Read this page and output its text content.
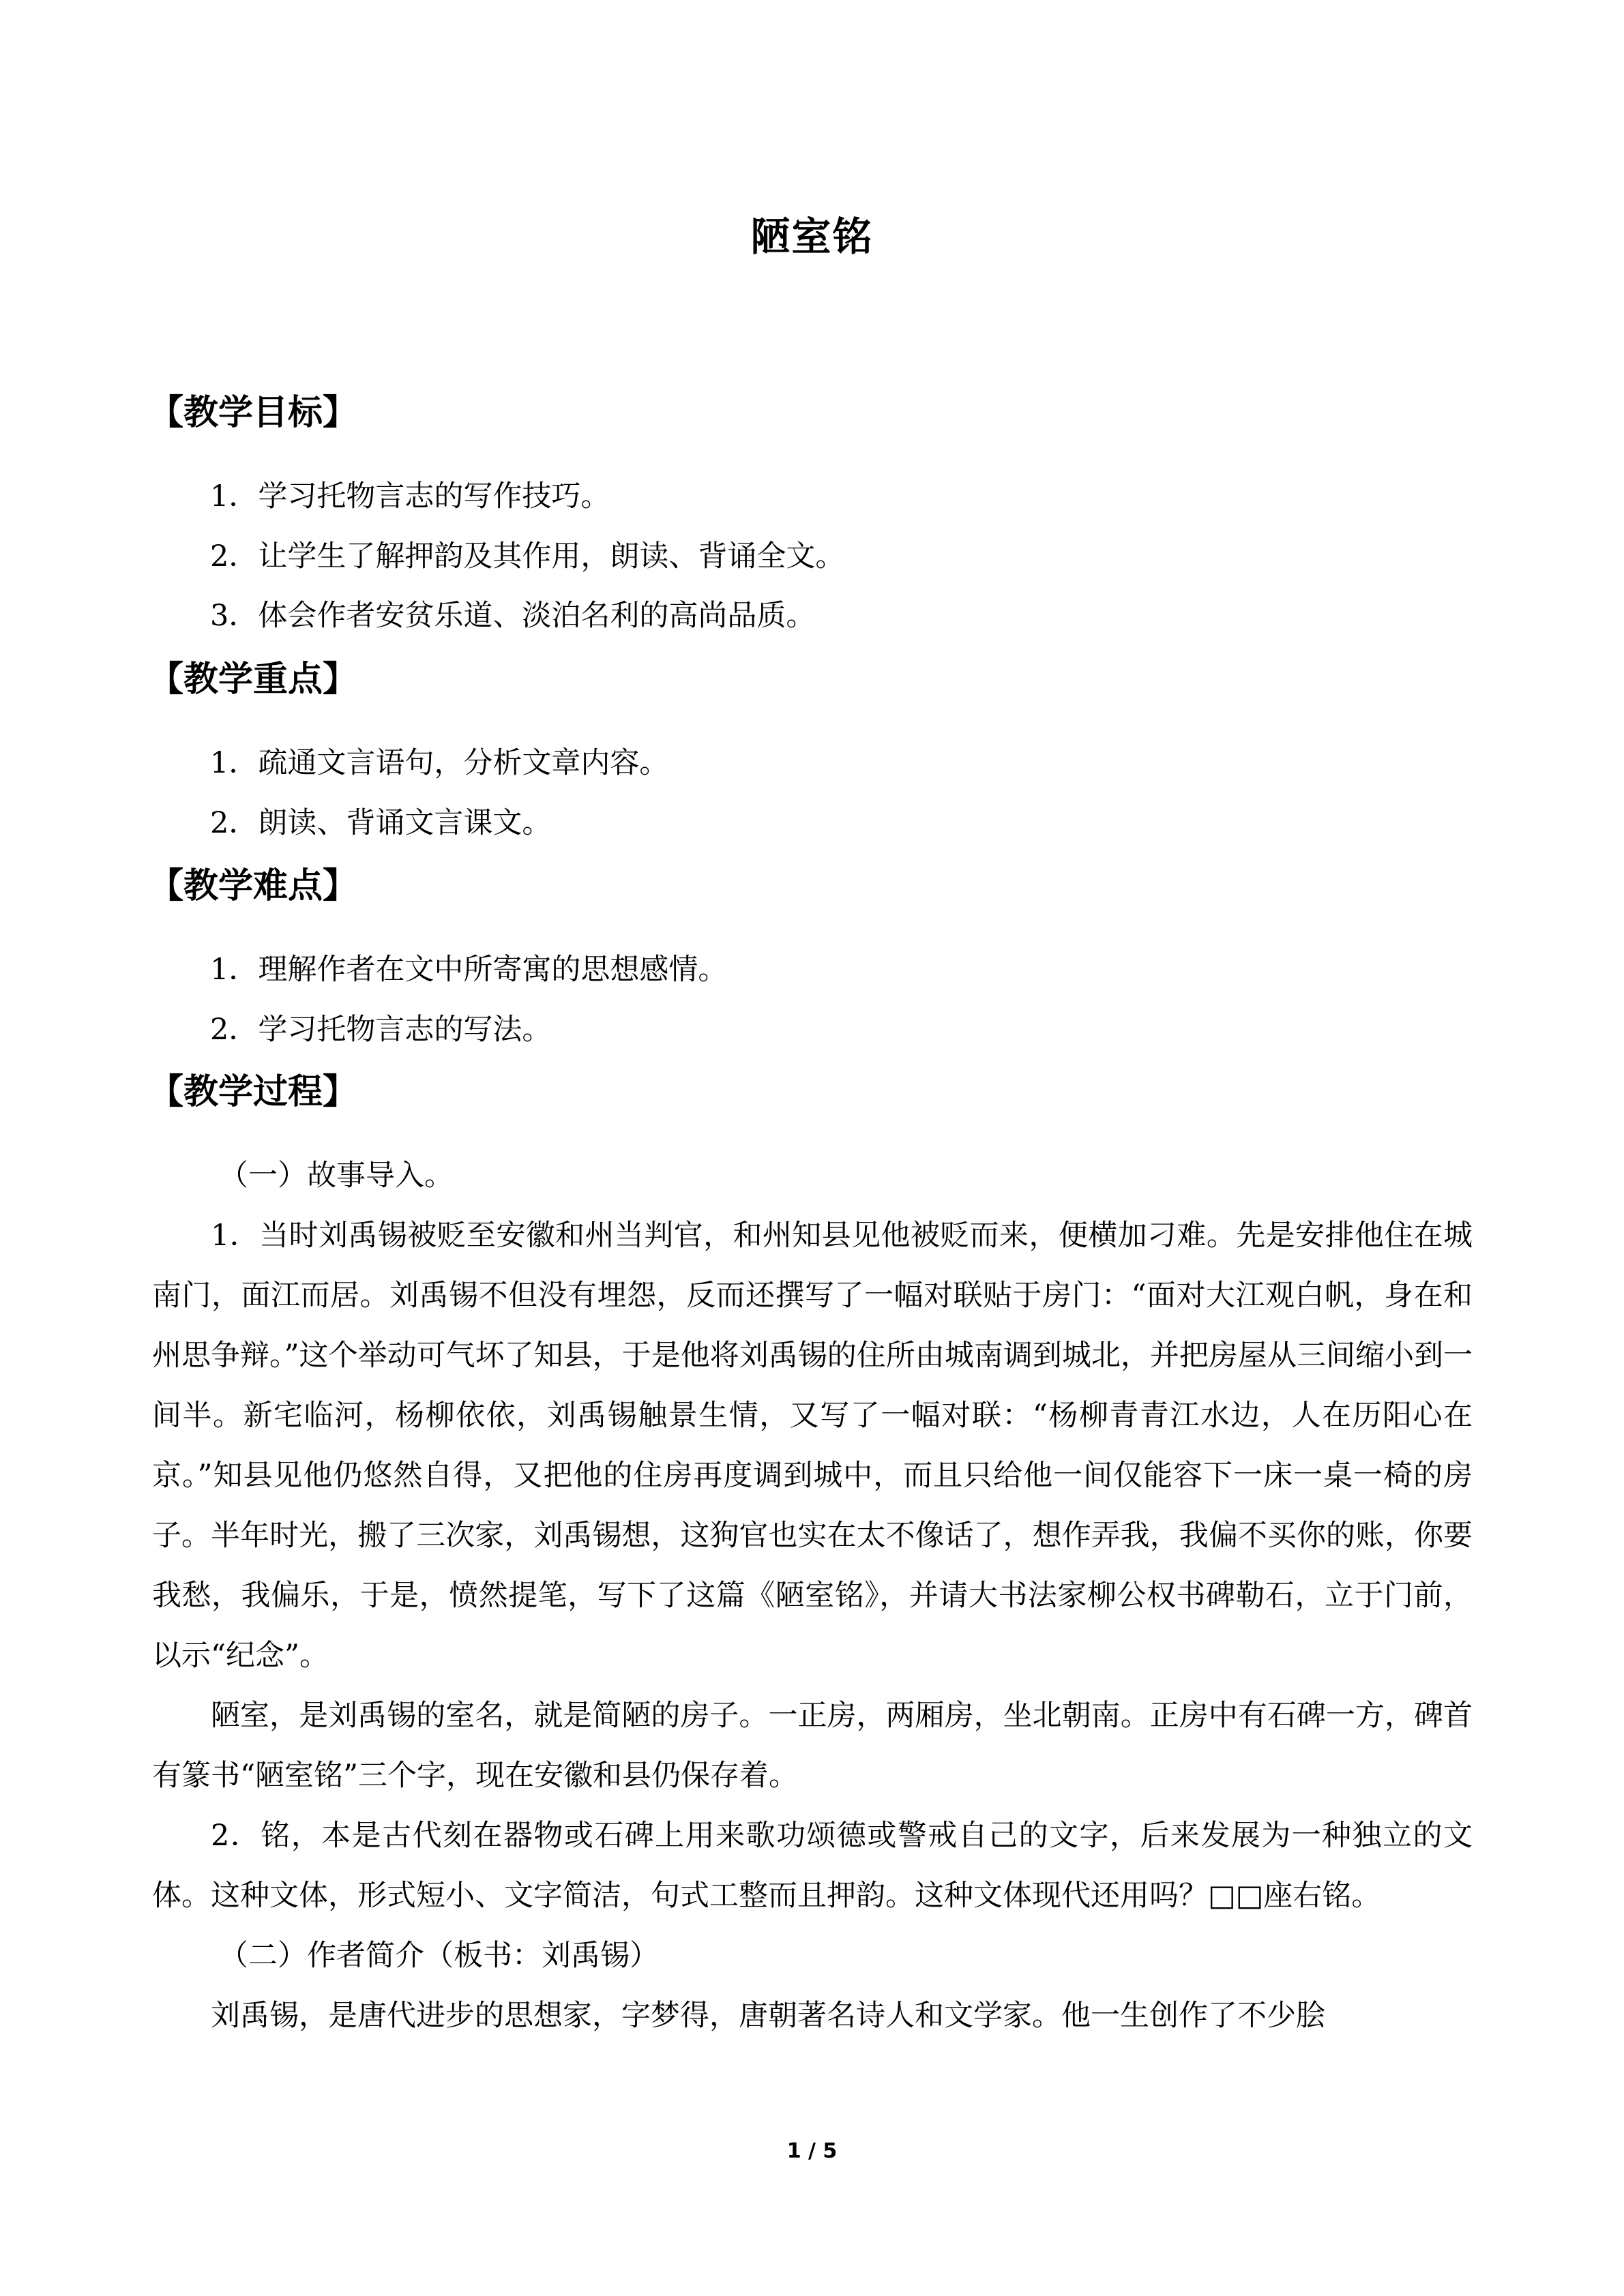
陋室铭
【教学目标】
1．学习托物言志的写作技巧。
2．让学生了解押韵及其作用，朗读、背诵全文。
3．体会作者安贫乐道、淡泊名利的高尚品质。
【教学重点】
1．疏通文言语句，分析文章内容。
2．朗读、背诵文言课文。
【教学难点】
1．理解作者在文中所寄寓的思想感情。
2．学习托物言志的写法。
【教学过程】

（一）故事导入。

1．当时刘禹锡被贬至安徽和州当判官，和州知县见他被贬而来，便横加刁难。先是安排他住在城南门，面江而居。刘禹锡不但没有埋怨，反而还撰写了一幅对联贴于房门：“面对大江观白帆，身在和州思争辩。”这个举动可气坏了知县，于是他将刘禹锡的住所由城南调到城北，并把房屋从三间缩小到一间半。新宅临河，杨柳依依，刘禹锡触景生情，又写了一幅对联：“杨柳青青江水边，人在历阳心在京。”知县见他仍悠然自得，又把他的住房再度调到城中，而且只给他一间仅能容下一床一桌一椅的房子。半年时光，搬了三次家，刘禹锡想，这狗官也实在太不像话了，想作弄我，我偏不买你的账，你要我愁，我偏乐，于是，愤然提笔，写下了这篇《陋室铭》，并请大书法家柳公权书碑勒石，立于门前，以示“纪念”。

陋室，是刘禹锡的室名，就是简陋的房子。一正房，两厢房，坐北朝南。正房中有石碑一方，碑首有篆书“陋室铭”三个字，现在安徽和县仍保存着。

2．铭，本是古代刻在器物或石碑上用来歌功颂德或警戒自己的文字，后来发展为一种独立的文体。这种文体，形式短小、文字简洁，句式工整而且押韵。这种文体现代还用吗？□□座右铭。

（二）作者简介（板书：刘禹锡）

刘禹锡，是唐代进步的思想家，字梦得，唐朝著名诗人和文学家。他一生创作了不少脍

1 / 5
